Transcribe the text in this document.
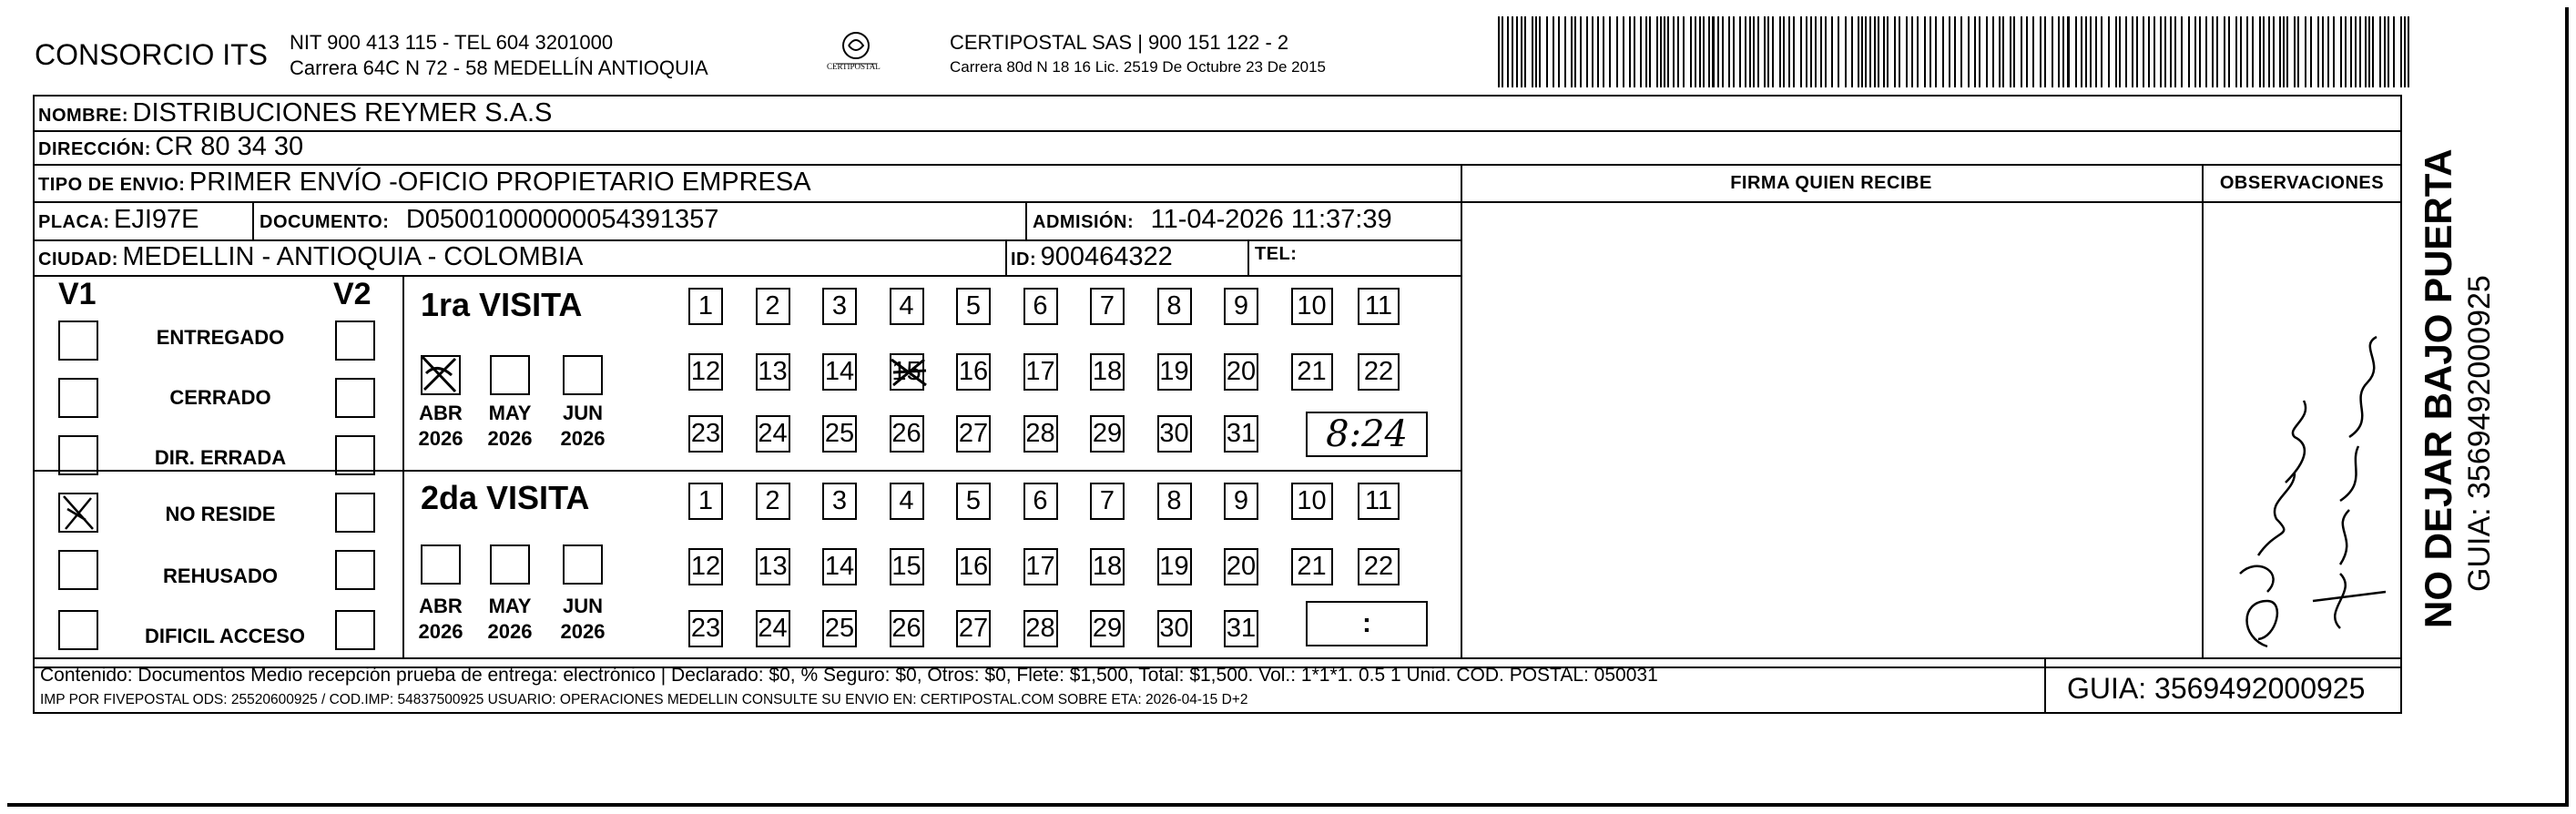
CONSORCIO ITS NIT 900 413 115 - TEL 604 3201000
Carrera 64C N 72 - 58 MEDELLÍN ANTIOQUIA	CERTIPOSTAL
CERTIPOSTAL SAS | 900 151 122 - 2
Carrera 80d N 18 16 Lic. 2519 De Octubre 23 De 2015
NOMBRE: DISTRIBUCIONES REYMER S.A.S
DIRECCIÓN: CR 80 34 30
TIPO DE ENVIO: PRIMER ENVÍO -OFICIO PROPIETARIO EMPRESA	FIRMA QUIEN RECIBE	OBSERVACIONES
PLACA: EJI97E	DOCUMENTO: D05001000000054391357	ADMISIÓN: 11-04-2026 11:37:39
CIUDAD: MEDELLIN - ANTIOQUIA - COLOMBIA	ID: 900464322	TEL:
V1	V2
ENTREGADO
CERRADO
DIR. ERRADA
NO RESIDE
REHUSADO
DIFICIL ACCESO
1ra VISITA
ABR
2026
MAY
2026
JUN
2026
2da VISITA
ABR
2026
MAY
2026
JUN
2026
1	2	3	4	5	6	7	8	9	10 11
12 13 14 15 16 17 18 19 20 21 22
23 24 25 26 27 28 29 30 31
1	2	3	4	5	6	7	8	9	10 11
12 13 14 15 16 17 18 19 20 21 22
23 24 25 26 27 28 29 30 31
8:24
:
Contenido: Documentos Medio recepción prueba de entrega: electrónico | Declarado: $0, % Seguro: $0, Otros: $0, Flete: $1,500, Total: $1,500. Vol.: 1*1*1. 0.5 1 Unid. COD. POSTAL: 050031
IMP POR FIVEPOSTAL ODS: 25520600925 / COD.IMP: 54837500925 USUARIO: OPERACIONES MEDELLIN CONSULTE SU ENVIO EN: CERTIPOSTAL.COM SOBRE ETA: 2026-04-15 D+2	GUIA: 3569492000925
NO DEJAR BAJO PUERTA GUIA: 3569492000925
